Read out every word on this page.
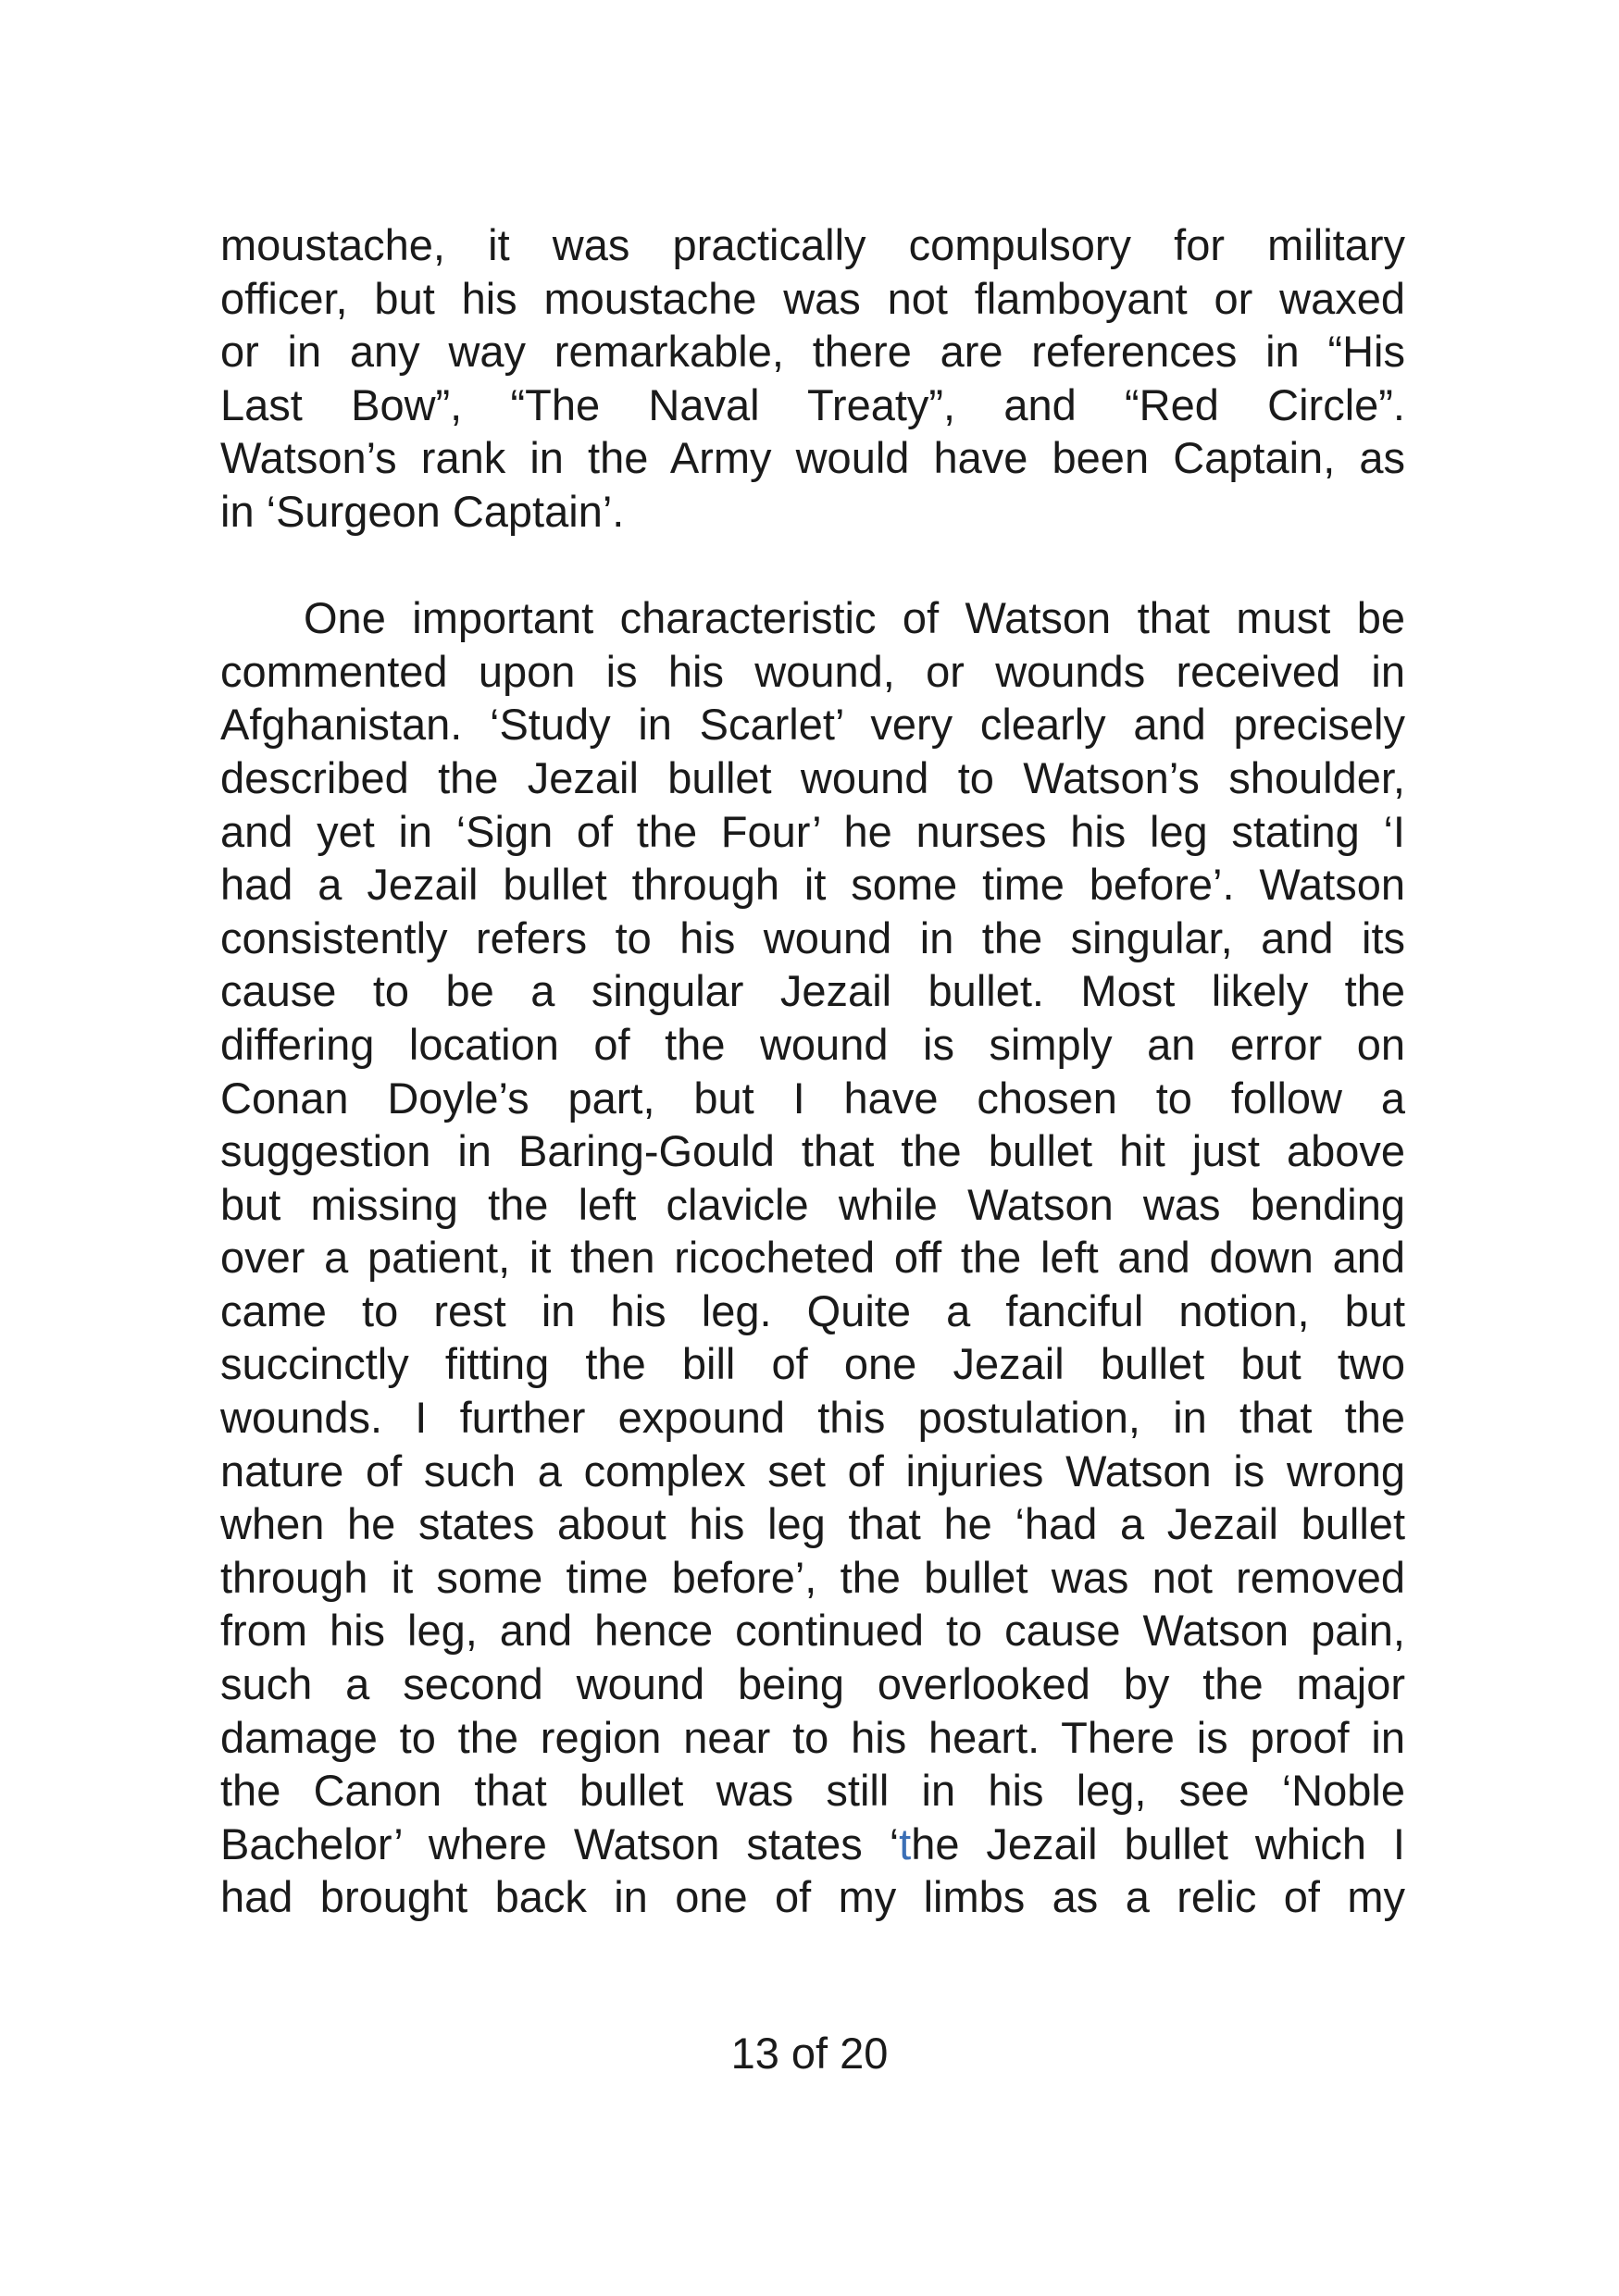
moustache, it was practically compulsory for military
officer, but his moustache was not flamboyant or waxed
or in any way remarkable, there are references in “His
Last Bow”, “The Naval Treaty”, and “Red Circle”.
Watson’s rank in the Army would have been Captain, as
in ‘Surgeon Captain’.
One important characteristic of Watson that must be
commented upon is his wound, or wounds received in
Afghanistan. ‘Study in Scarlet’ very clearly and precisely
described the Jezail bullet wound to Watson’s shoulder,
and yet in ‘Sign of the Four’ he nurses his leg stating ‘I
had a Jezail bullet through it some time before’. Watson
consistently refers to his wound in the singular, and its
cause to be a singular Jezail bullet. Most likely the
differing location of the wound is simply an error on
Conan Doyle’s part, but I have chosen to follow a
suggestion in Baring-Gould that the bullet hit just above
but missing the left clavicle while Watson was bending
over a patient, it then ricocheted off the left and down and
came to rest in his leg. Quite a fanciful notion, but
succinctly fitting the bill of one Jezail bullet but two
wounds. I further expound this postulation, in that the
nature of such a complex set of injuries Watson is wrong
when he states about his leg that he ‘had a Jezail bullet
through it some time before’, the bullet was not removed
from his leg, and hence continued to cause Watson pain,
such a second wound being overlooked by the major
damage to the region near to his heart. There is proof in
the Canon that bullet was still in his leg, see ‘Noble
Bachelor’ where Watson states ‘the Jezail bullet which I
had brought back in one of my limbs as a relic of my
13 of 20
